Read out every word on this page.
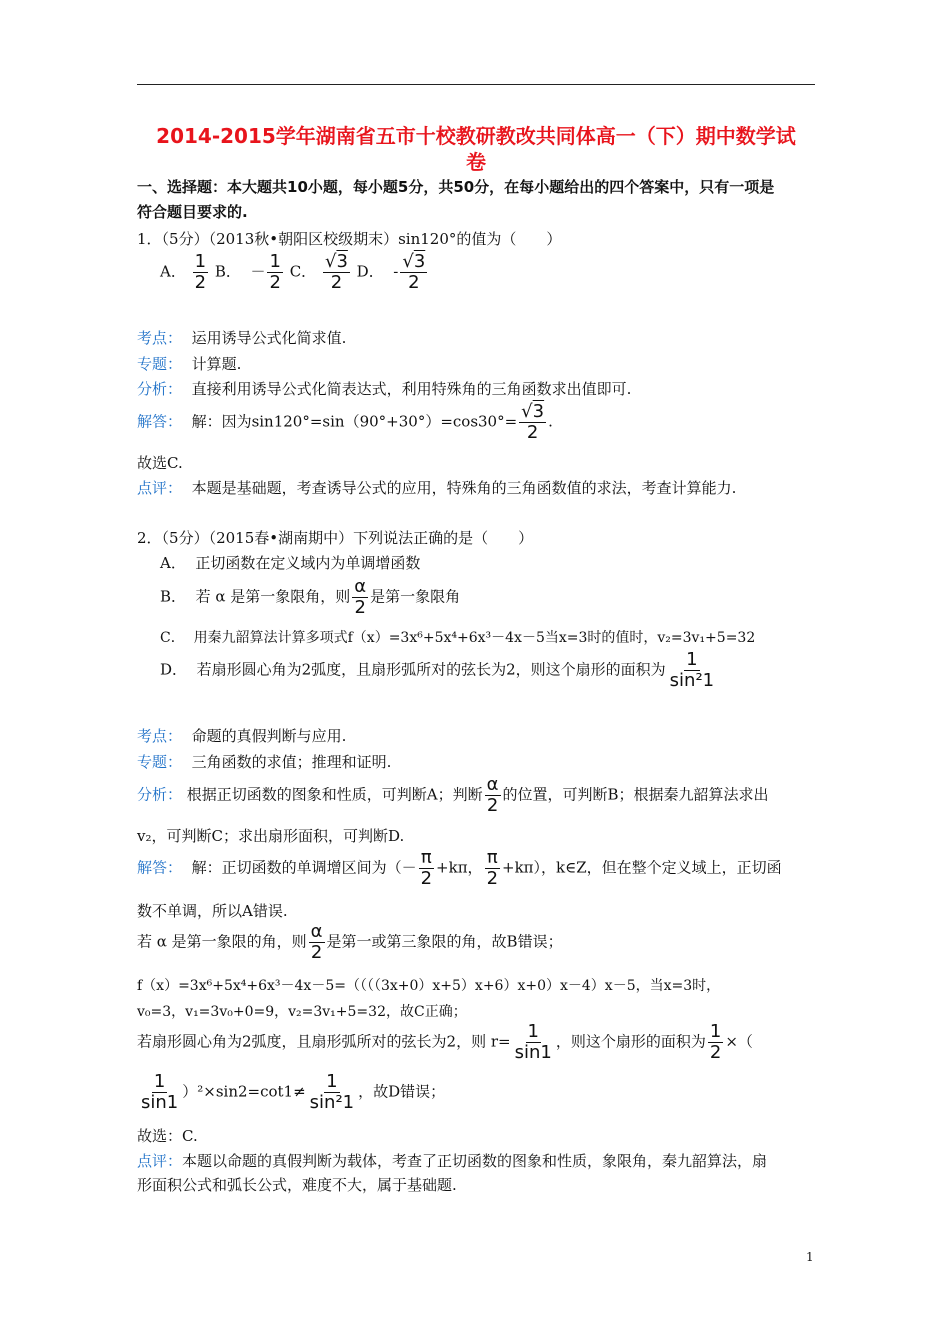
2014-2015学年湖南省五市十校教研教改共同体高一（下）期中数学试
卷
一、选择题：本大题共10小题，每小题5分，共50分，在每小题给出的四个答案中，只有一项是
符合题目要求的.
1．（5分）（2013秋•朝阳区校级期末）sin120°的值为（　　）
A． $\frac{1}{2}$ B． － $\frac{1}{2}$ C． $\frac{√3}{2}$ D． - $\frac{√3}{2}$
考点： 运用诱导公式化简求值.
专题： 计算题.
分析： 直接利用诱导公式化简表达式，利用特殊角的三角函数求出值即可.
解答： 解：因为$\sin 120^\circ=\sin(90^\circ+30^\circ)=\cos 30^\circ= \frac{√3}{2}$ .
故选C.
点评： 本题是基础题，考查诱导公式的应用，特殊角的三角函数值的求法，考查计算能力.
2．（5分）（2015春•湖南期中）下列说法正确的是（　　）
A． 正切函数在定义域内为单调增函数
B． 若 α 是第一象限角，则 $\frac{\alpha}{2}$ 是第一象限角
C． 用秦九韶算法计算多项式f（x）=3x⁶+5x⁴+6x³－4x－5当x=3时的值时，v₂=3v₁+5=32
D． 若扇形圆心角为2弧度，且扇形弧所对的弦长为2，则这个扇形的面积为 $\frac{1}{\text{sin²1}}$
考点： 命题的真假判断与应用.
专题： 三角函数的求值；推理和证明.
分析： 根据正切函数的图象和性质，可判断A；判断 $\frac{\alpha}{2}$ 的位置，可判断B；根据秦九韶算法求出
v₂，可判断C；求出扇形面积，可判断D.
解答： 解：正切函数的单调增区间为（－ $\frac{\pi}{2} +k\pi$， $\frac{\pi}{2} +k\pi$），k∈Z，但在整个定义域上，正切函
数不单调，所以A错误.
若 α 是第一象限的角，则 $\frac{\alpha}{2}$ 是第一或第三象限的角，故B错误；
f（x）=3x⁶+5x⁴+6x³－4x－5=（（（（3x+0）x+5）x+6）x+0）x－4）x－5，当x=3时，
v₀=3，v₁=3v₀+0=9，v₂=3v₁+5=32，故C正确；
若扇形圆心角为2弧度，且扇形弧所对的弦长为2，则 $r= \frac{1}{\sin 1}$ ，则这个扇形的面积为 $\frac{1}{2}$ ×（
$\frac{1}{\sin 1} )^2\times\sin 2=\cot 1\ne \frac{1}{\text{sin²1}}$ ，故D错误；
故选：C.
点评：本题以命题的真假判断为载体，考查了正切函数的图象和性质，象限角，秦九韶算法，扇
形面积公式和弧长公式，难度不大，属于基础题.
1
